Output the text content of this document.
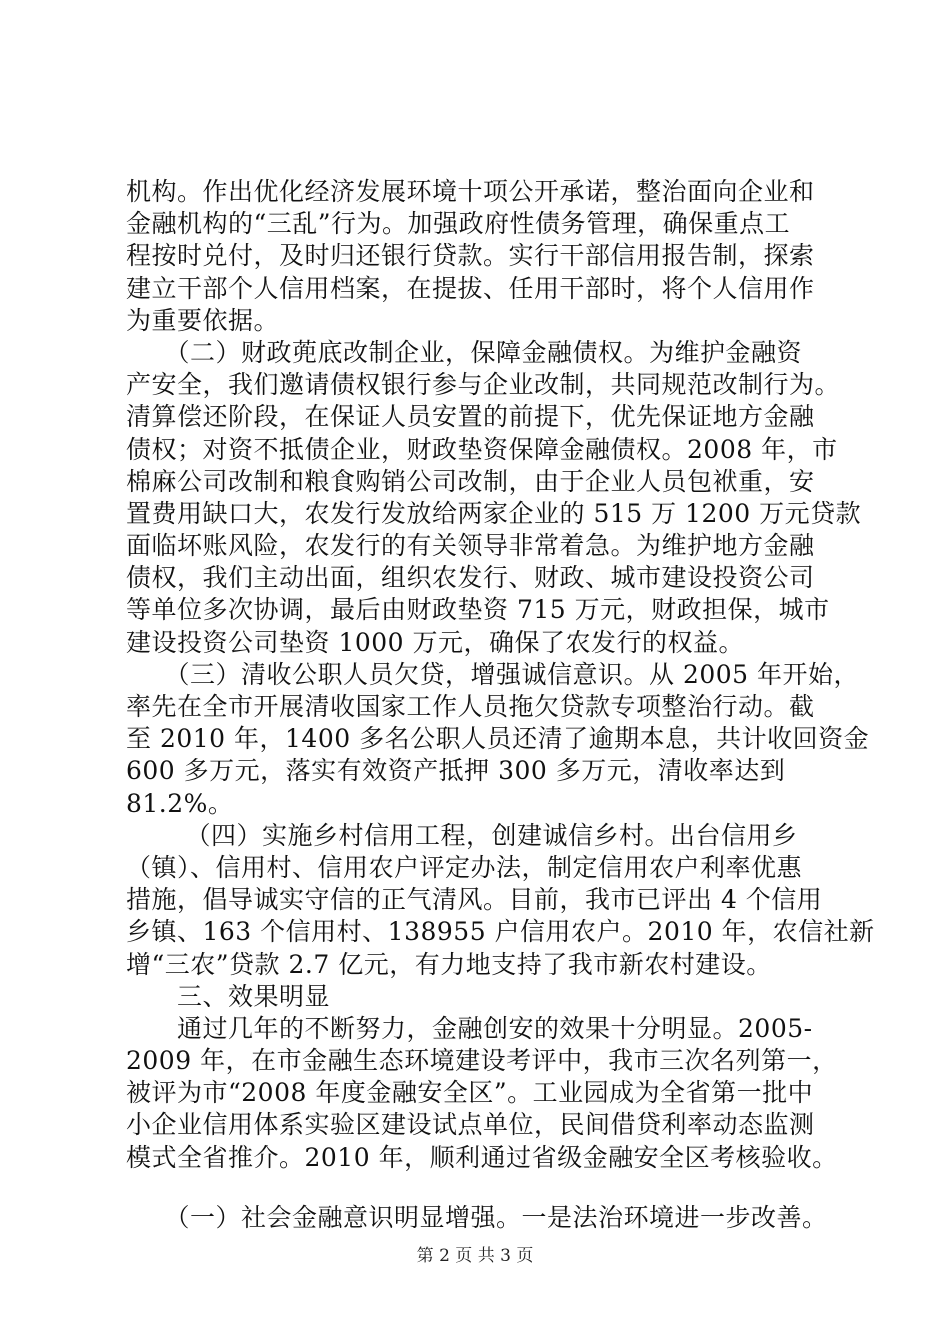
机构。作出优化经济发展环境十项公开承诺，整治面向企业和
金融机构的“三乱”行为。加强政府性债务管理，确保重点工
程按时兑付，及时归还银行贷款。实行干部信用报告制，探索
建立干部个人信用档案，在提拔、任用干部时，将个人信用作
为重要依据。
　　（二）财政蔸底改制企业，保障金融债权。为维护金融资
产安全，我们邀请债权银行参与企业改制，共同规范改制行为。
清算偿还阶段，在保证人员安置的前提下，优先保证地方金融
债权；对资不抵债企业，财政垫资保障金融债权。2008 年，市
棉麻公司改制和粮食购销公司改制，由于企业人员包袱重，安
置费用缺口大，农发行发放给两家企业的 515 万 1200 万元贷款
面临坏账风险，农发行的有关领导非常着急。为维护地方金融
债权，我们主动出面，组织农发行、财政、城市建设投资公司
等单位多次协调，最后由财政垫资 715 万元，财政担保，城市
建设投资公司垫资 1000 万元，确保了农发行的权益。
　　（三）清收公职人员欠贷，增强诚信意识。从 2005 年开始，
率先在全市开展清收国家工作人员拖欠贷款专项整治行动。截
至 2010 年，1400 多名公职人员还清了逾期本息，共计收回资金
600 多万元，落实有效资产抵押 300 多万元，清收率达到
81.2%。
　　 （四）实施乡村信用工程，创建诚信乡村。出台信用乡
（镇）、信用村、信用农户评定办法，制定信用农户利率优惠
措施，倡导诚实守信的正气清风。目前，我市已评出 4 个信用
乡镇、163 个信用村、138955 户信用农户。2010 年，农信社新
增“三农”贷款 2.7 亿元，有力地支持了我市新农村建设。
　　三、效果明显
　　通过几年的不断努力，金融创安的效果十分明显。2005-
2009 年，在市金融生态环境建设考评中，我市三次名列第一，
被评为市“2008 年度金融安全区”。工业园成为全省第一批中
小企业信用体系实验区建设试点单位，民间借贷利率动态监测
模式全省推介。2010 年，顺利通过省级金融安全区考核验收。
　　（一）社会金融意识明显增强。一是法治环境进一步改善。
第 2 页 共 3 页
